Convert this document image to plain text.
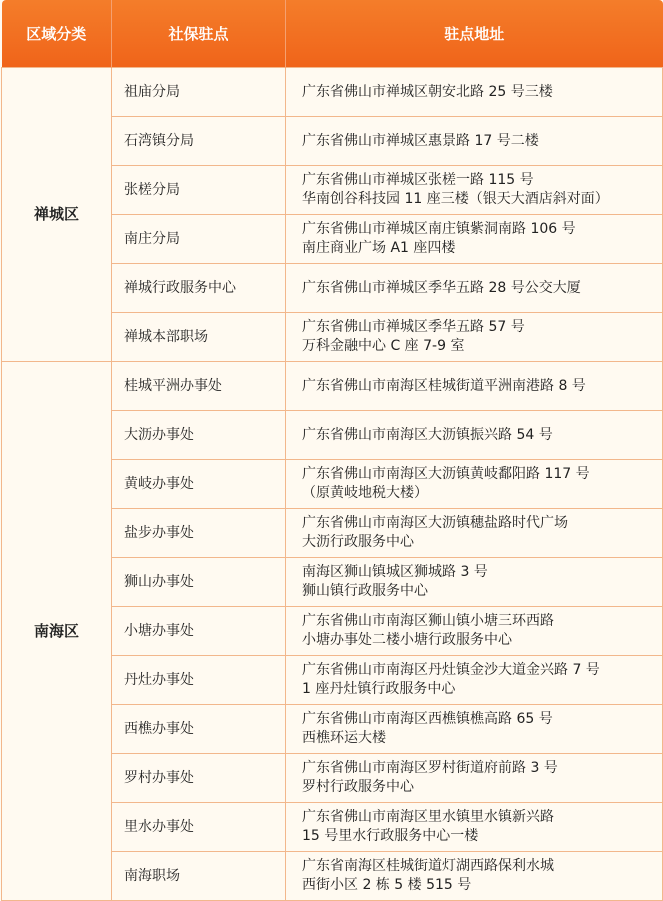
区域分类	社保驻点	驻点地址
禅城区	祖庙分局	广东省佛山市禅城区朝安北路 25 号三楼

	石湾镇分局	广东省佛山市禅城区惠景路 17 号二楼

	张槎分局	广东省佛山市禅城区张槎一路 115 号
华南创谷科技园 11 座三楼（银天大酒店斜对面）

	南庄分局	广东省佛山市禅城区南庄镇紫洞南路 106 号
南庄商业广场 A1 座四楼

	禅城行政服务中心	广东省佛山市禅城区季华五路 28 号公交大厦

	禅城本部职场	广东省佛山市禅城区季华五路 57 号
万科金融中心 C 座 7-9 室

南海区	桂城平洲办事处	广东省佛山市南海区桂城街道平洲南港路 8 号

	大沥办事处	广东省佛山市南海区大沥镇振兴路 54 号

	黄岐办事处	广东省佛山市南海区大沥镇黄岐鄱阳路 117 号
（原黄岐地税大楼）

	盐步办事处	广东省佛山市南海区大沥镇穗盐路时代广场
大沥行政服务中心

	狮山办事处	南海区狮山镇城区狮城路 3 号
狮山镇行政服务中心

	小塘办事处	广东省佛山市南海区狮山镇小塘三环西路
小塘办事处二楼小塘行政服务中心

	丹灶办事处	广东省佛山市南海区丹灶镇金沙大道金兴路 7 号
1 座丹灶镇行政服务中心

	西樵办事处	广东省佛山市南海区西樵镇樵高路 65 号
西樵环运大楼

	罗村办事处	广东省佛山市南海区罗村街道府前路 3 号
罗村行政服务中心

	里水办事处	广东省佛山市南海区里水镇里水镇新兴路
15 号里水行政服务中心一楼

	南海职场	广东省南海区桂城街道灯湖西路保利水城
西街小区 2 栋 5 楼 515 号
